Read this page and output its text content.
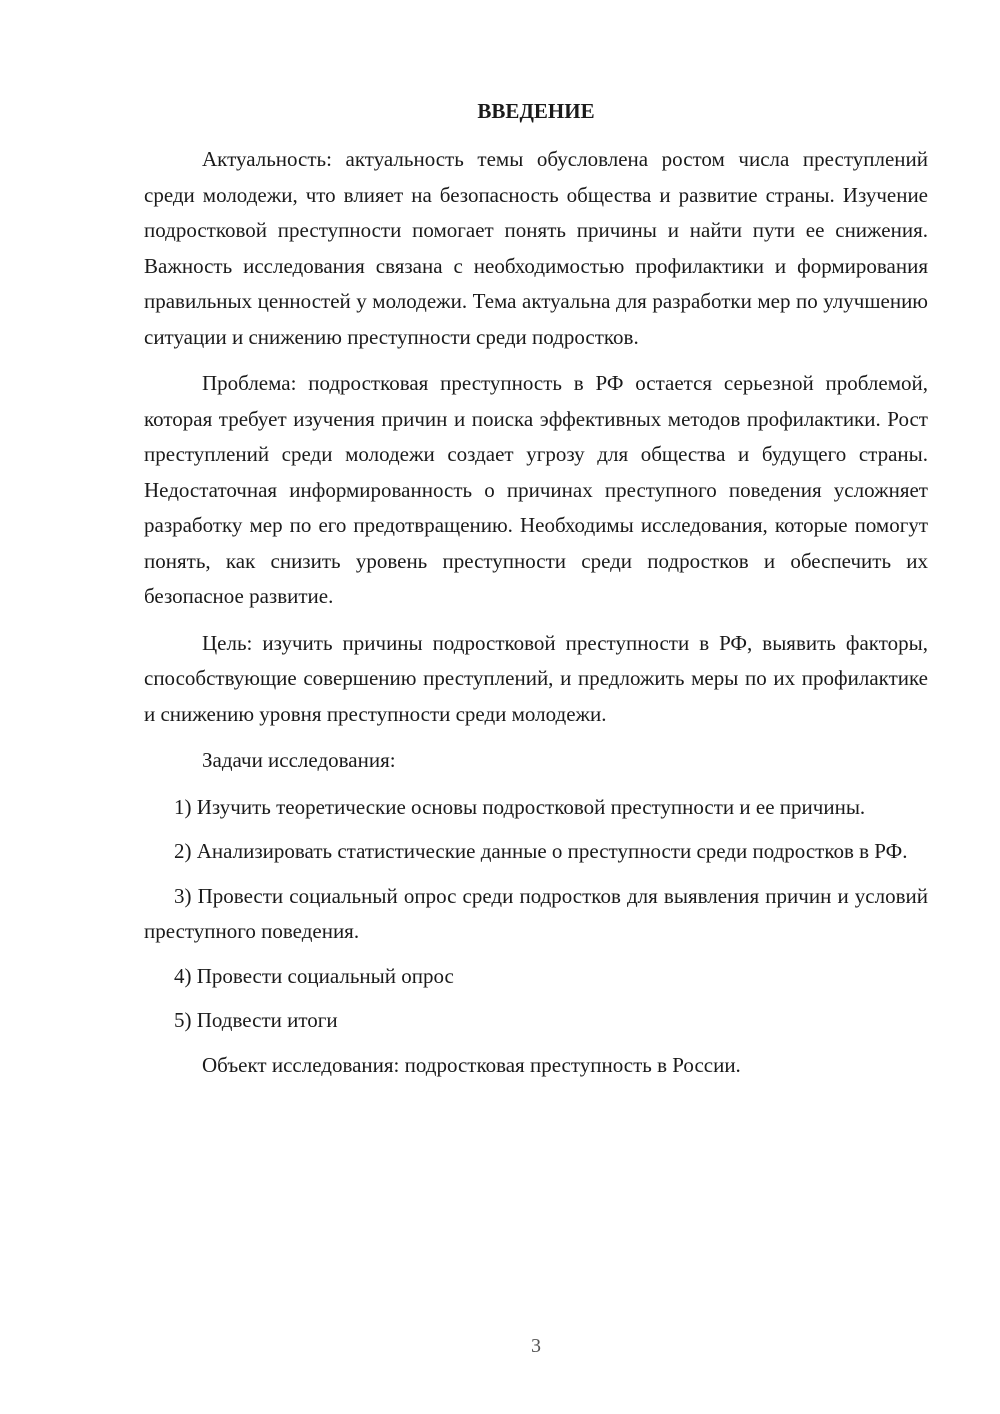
ВВЕДЕНИЕ

Актуальность: актуальность темы обусловлена ростом числа преступлений среди молодежи, что влияет на безопасность общества и развитие страны. Изучение подростковой преступности помогает понять причины и найти пути ее снижения. Важность исследования связана с необходимостью профилактики и формирования правильных ценностей у молодежи. Тема актуальна для разработки мер по улучшению ситуации и снижению преступности среди подростков.

Проблема: подростковая преступность в РФ остается серьезной проблемой, которая требует изучения причин и поиска эффективных методов профилактики. Рост преступлений среди молодежи создает угрозу для общества и будущего страны. Недостаточная информированность о причинах преступного поведения усложняет разработку мер по его предотвращению. Необходимы исследования, которые помогут понять, как снизить уровень преступности среди подростков и обеспечить их безопасное развитие.

Цель: изучить причины подростковой преступности в РФ, выявить факторы, способствующие совершению преступлений, и предложить меры по их профилактике и снижению уровня преступности среди молодежи.

Задачи исследования:

1) Изучить теоретические основы подростковой преступности и ее причины.

2) Анализировать статистические данные о преступности среди подростков в РФ.

3) Провести социальный опрос среди подростков для выявления причин и условий преступного поведения.

4) Провести социальный опрос

5) Подвести итоги

Объект исследования: подростковая преступность в России.

3
